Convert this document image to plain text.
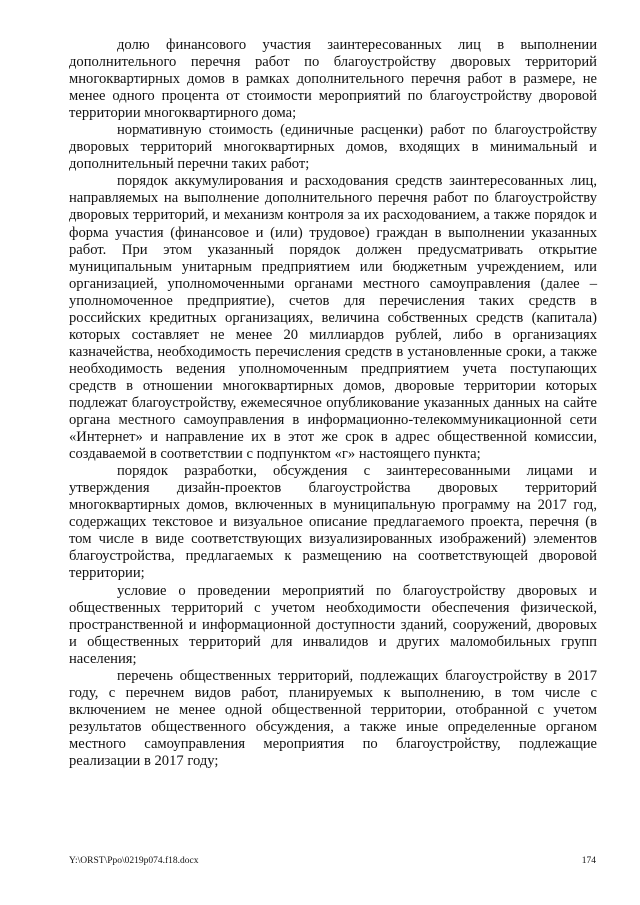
долю финансового участия заинтересованных лиц в выполнении дополнительного перечня работ по благоустройству дворовых территорий многоквартирных домов в рамках дополнительного перечня работ в размере, не менее одного процента от стоимости мероприятий по благоустройству дворовой территории многоквартирного дома;

нормативную стоимость (единичные расценки) работ по благоустройству дворовых территорий многоквартирных домов, входящих в минимальный и дополнительный перечни таких работ;

порядок аккумулирования и расходования средств заинтересованных лиц, направляемых на выполнение дополнительного перечня работ по благоустройству дворовых территорий, и механизм контроля за их расходованием, а также порядок и форма участия (финансовое и (или) трудовое) граждан в выполнении указанных работ. При этом указанный порядок должен предусматривать открытие муниципальным унитарным предприятием или бюджетным учреждением, или организацией, уполномоченными органами местного самоуправления (далее – уполномоченное предприятие), счетов для перечисления таких средств в российских кредитных организациях, величина собственных средств (капитала) которых составляет не менее 20 миллиардов рублей, либо в организациях казначейства, необходимость перечисления средств в установленные сроки, а также необходимость ведения уполномоченным предприятием учета поступающих средств в отношении многоквартирных домов, дворовые территории которых подлежат благоустройству, ежемесячное опубликование указанных данных на сайте органа местного самоуправления в информационно-телекоммуникационной сети «Интернет» и направление их в этот же срок в адрес общественной комиссии, создаваемой в соответствии с подпунктом «г» настоящего пункта;

порядок разработки, обсуждения с заинтересованными лицами и утверждения дизайн-проектов благоустройства дворовых территорий многоквартирных домов, включенных в муниципальную программу на 2017 год, содержащих текстовое и визуальное описание предлагаемого проекта, перечня (в том числе в виде соответствующих визуализированных изображений) элементов благоустройства, предлагаемых к размещению на соответствующей дворовой территории;

условие о проведении мероприятий по благоустройству дворовых и общественных территорий с учетом необходимости обеспечения физической, пространственной и информационной доступности зданий, сооружений, дворовых и общественных территорий для инвалидов и других маломобильных групп населения;

перечень общественных территорий, подлежащих благоустройству в 2017 году, с перечнем видов работ, планируемых к выполнению, в том числе с включением не менее одной общественной территории, отобранной с учетом результатов общественного обсуждения, а также иные определенные органом местного самоуправления мероприятия по благоустройству, подлежащие реализации в 2017 году;

Y:\ORST\Ppo\0219p074.f18.docx	174
